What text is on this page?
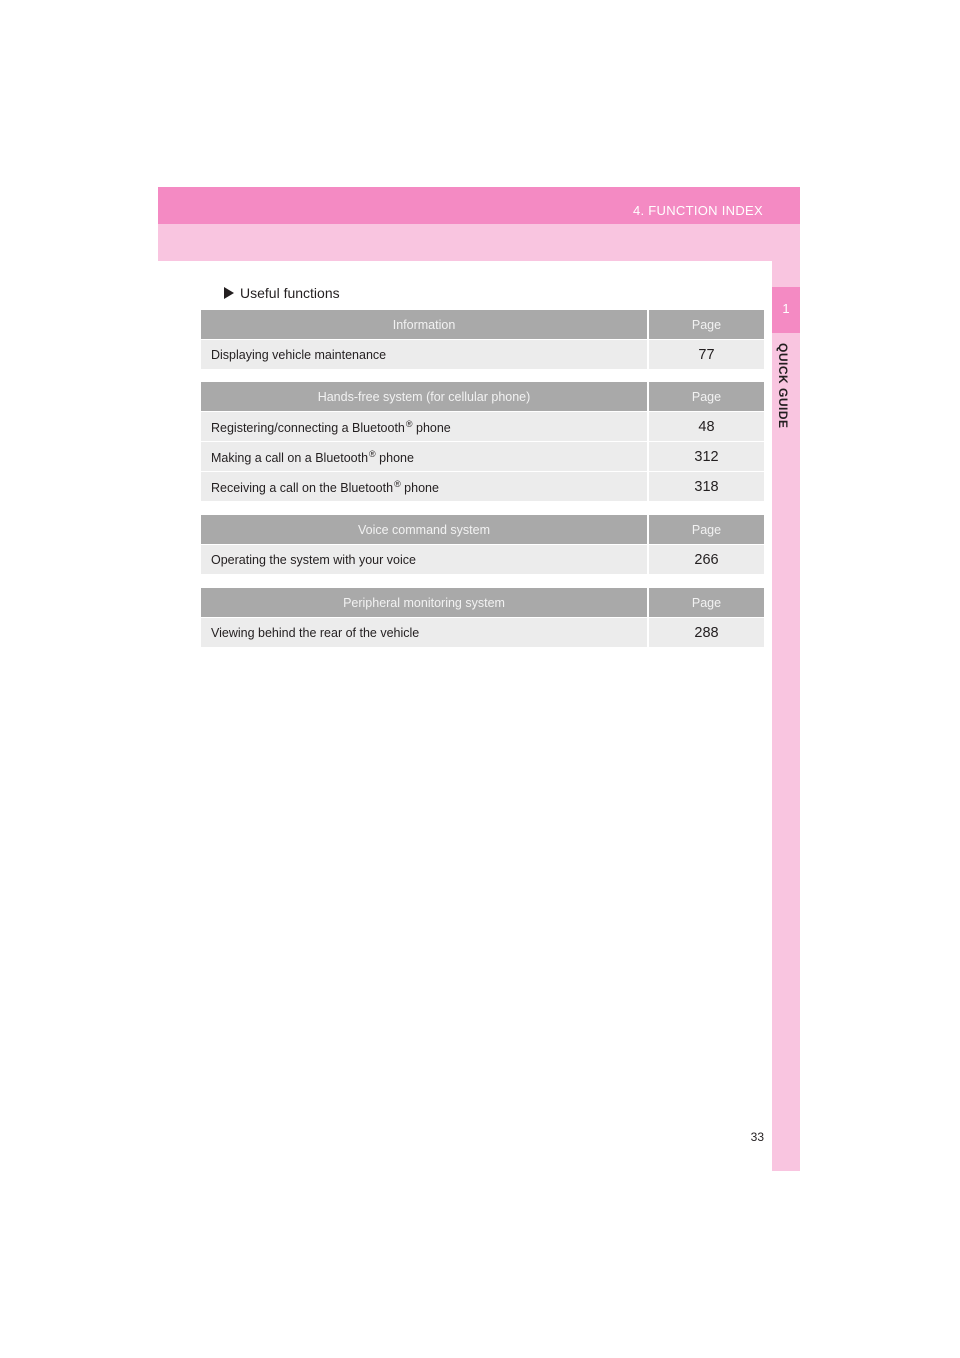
4. FUNCTION INDEX
1
QUICK GUIDE
Useful functions
Information	Page
Displaying vehicle maintenance	77
Hands-free system (for cellular phone)	Page
Registering/connecting a Bluetooth® phone	48
Making a call on a Bluetooth® phone	312
Receiving a call on the Bluetooth® phone	318
Voice command system	Page
Operating the system with your voice	266
Peripheral monitoring system	Page
Viewing behind the rear of the vehicle	288
33
